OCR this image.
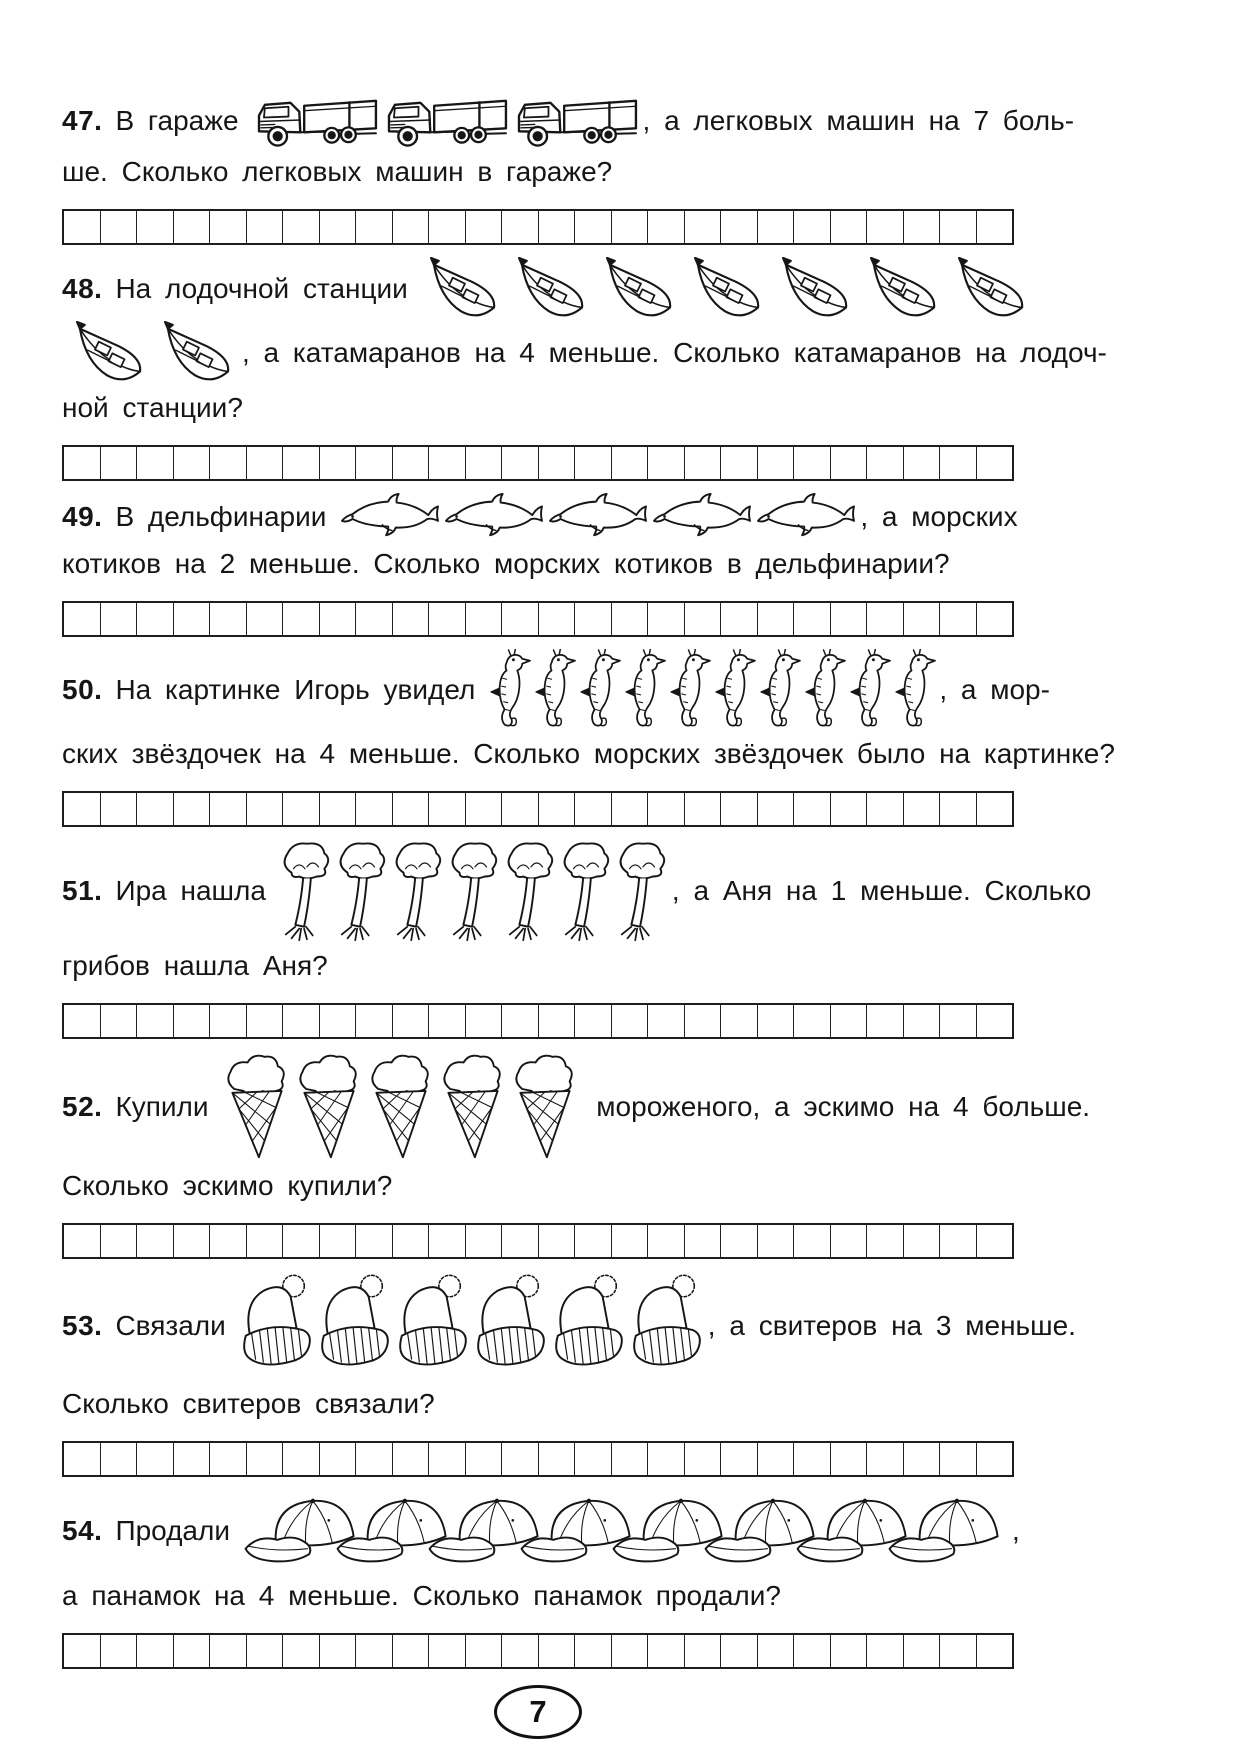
47. В гараже	, а легковых машин на 7 боль-
ше. Сколько легковых машин в гараже?
48. На лодочной станции
, а катамаранов на 4 меньше. Сколько катамаранов на лодоч-
ной станции?
49. В дельфинарии	, а морских
котиков на 2 меньше. Сколько морских котиков в дельфинарии?
50. На картинке Игорь увидел	, а мор-
ских звёздочек на 4 меньше. Сколько морских звёздочек было на картинке?
51. Ира нашла	, а Аня на 1 меньше. Сколько
грибов нашла Аня?
52. Купили	мороженого, а эскимо на 4 больше.
Сколько эскимо купили?
53. Связали	, а свитеров на 3 меньше.
Сколько свитеров связали?
54. Продали	,
а панамок на 4 меньше. Сколько панамок продали?
7
